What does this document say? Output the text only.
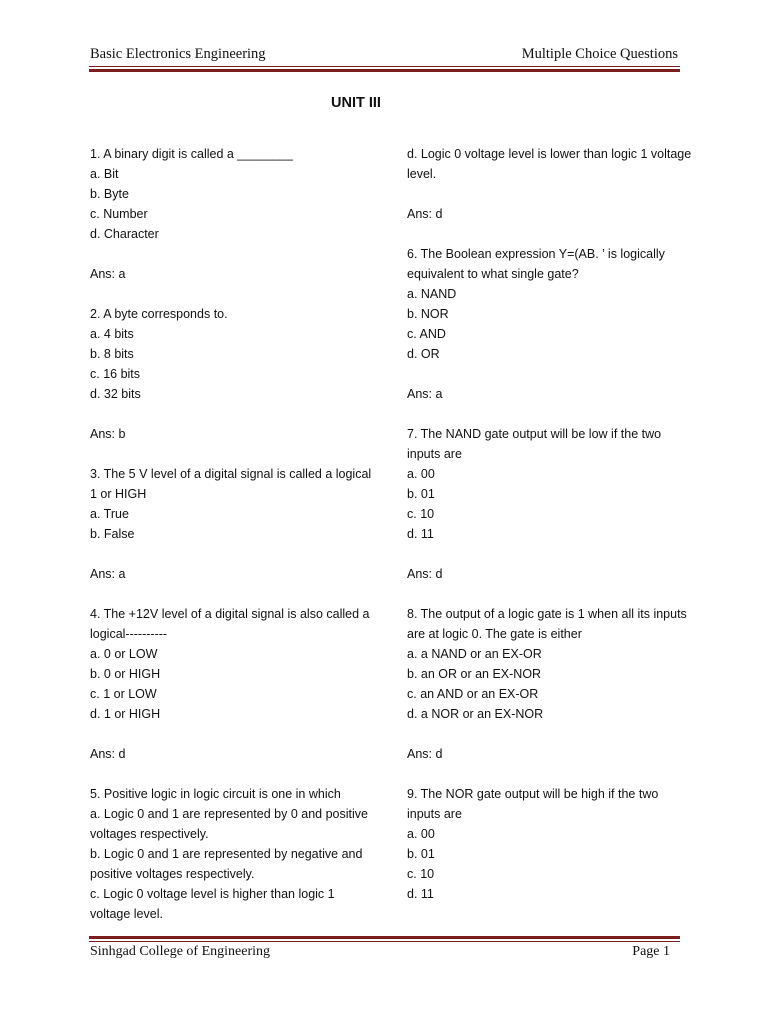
Basic Electronics Engineering	Multiple Choice Questions
UNIT III
1. A binary digit is called a ________
a. Bit
b. Byte
c. Number
d. Character
Ans: a
2. A byte corresponds to.
a. 4 bits
b. 8 bits
c. 16 bits
d. 32 bits
Ans: b
3. The 5 V level of a digital signal is called a logical 1 or HIGH
a. True
b. False
Ans: a
4. The +12V level of a digital signal is also called a logical----------
a. 0 or LOW
b. 0 or HIGH
c. 1 or LOW
d. 1 or HIGH
Ans: d
5. Positive logic in logic circuit is one in which
a. Logic 0 and 1 are represented by 0 and positive voltages respectively.
b. Logic 0 and 1 are represented by negative and positive voltages respectively.
c. Logic 0 voltage level is higher than logic 1 voltage level.
d. Logic 0 voltage level is lower than logic 1 voltage level.
Ans: d
6. The Boolean expression Y=(AB. ’ is logically equivalent to what single gate?
a. NAND
b. NOR
c. AND
d. OR
Ans: a
7. The NAND gate output will be low if the two inputs are
a. 00
b. 01
c. 10
d. 11
Ans: d
8. The output of a logic gate is 1 when all its inputs are at logic 0. The gate is either
a. a NAND or an EX-OR
b. an OR or an EX-NOR
c. an AND or an EX-OR
d. a NOR or an EX-NOR
Ans: d
9. The NOR gate output will be high if the two inputs are
a. 00
b. 01
c. 10
d. 11
Sinhgad College of Engineering	Page 1
